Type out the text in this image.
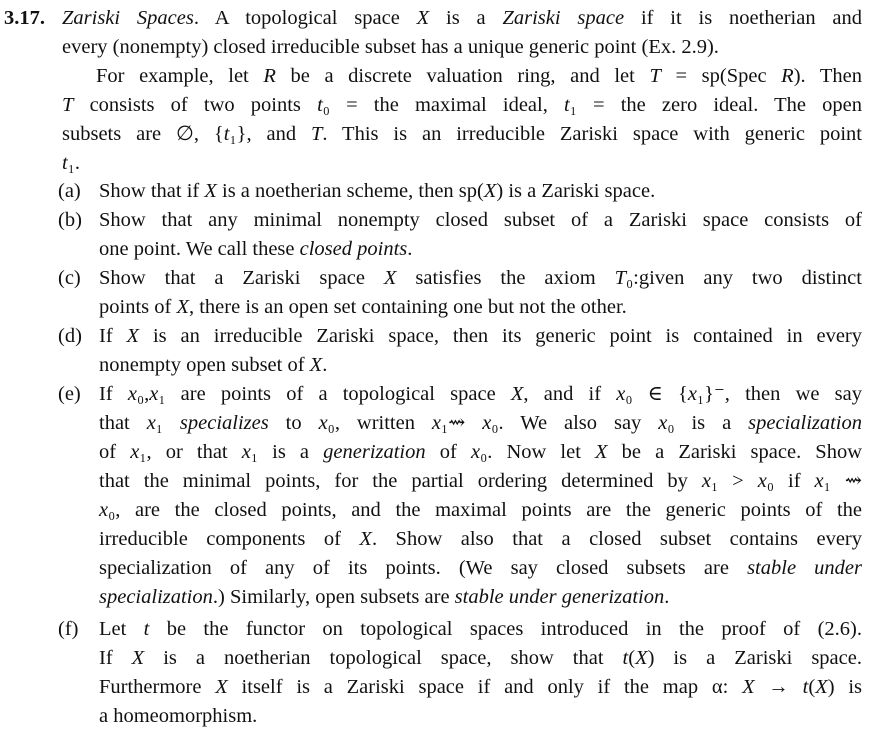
3.17. Zariski Spaces. A topological space X is a Zariski space if it is noetherian and
every (nonempty) closed irreducible subset has a unique generic point (Ex. 2.9).
For example, let R be a discrete valuation ring, and let T = sp(Spec R). Then
T consists of two points t₀ = the maximal ideal, t₁ = the zero ideal. The open
subsets are ∅, {t₁}, and T. This is an irreducible Zariski space with generic point
t₁.
(a) Show that if X is a noetherian scheme, then sp(X) is a Zariski space.
(b) Show that any minimal nonempty closed subset of a Zariski space consists of
one point. We call these closed points.
(c) Show that a Zariski space X satisfies the axiom T₀:given any two distinct
points of X, there is an open set containing one but not the other.
(d) If X is an irreducible Zariski space, then its generic point is contained in every
nonempty open subset of X.
(e) If x₀,x₁ are points of a topological space X, and if x₀ ∈ {x₁}⁻, then we say
that x₁ specializes to x₀, written x₁⇝ x₀. We also say x₀ is a specialization
of x₁, or that x₁ is a generization of x₀. Now let X be a Zariski space. Show
that the minimal points, for the partial ordering determined by x₁ > x₀ if x₁ ⇝
x₀, are the closed points, and the maximal points are the generic points of the
irreducible components of X. Show also that a closed subset contains every
specialization of any of its points. (We say closed subsets are stable under
specialization.) Similarly, open subsets are stable under generization.
(f) Let t be the functor on topological spaces introduced in the proof of (2.6).
If X is a noetherian topological space, show that t(X) is a Zariski space.
Furthermore X itself is a Zariski space if and only if the map α: X → t(X) is
a homeomorphism.
